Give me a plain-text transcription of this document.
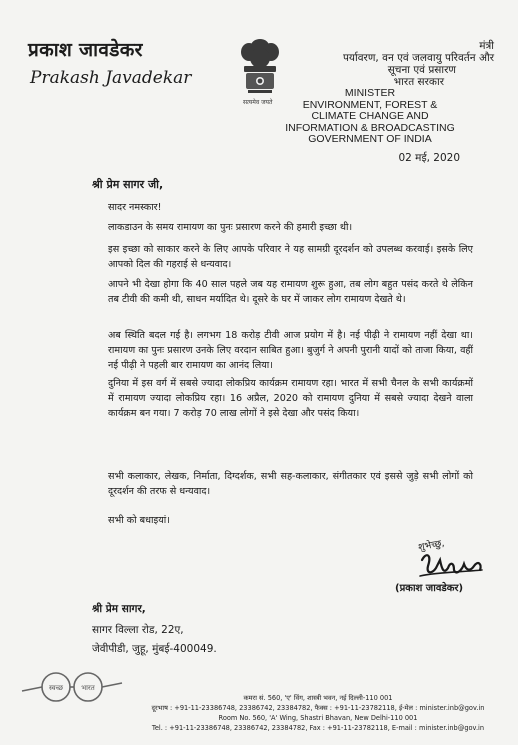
प्रकाश जावडेकर
Prakash Javadekar
सत्यमेव जयते
मंत्री
पर्यावरण, वन एवं जलवायु परिवर्तन और
सूचना एवं प्रसारण
भारत सरकार
MINISTER
ENVIRONMENT, FOREST &
CLIMATE CHANGE AND
INFORMATION & BROADCASTING
GOVERNMENT OF INDIA
02 मई, 2020
श्री प्रेम सागर जी,
सादर नमस्कार!
लाकडाउन के समय रामायण का पुनः प्रसारण करने की हमारी इच्छा थी।
इस इच्छा को साकार करने के लिए आपके परिवार ने यह सामग्री दूरदर्शन को उपलब्ध करवाई। इसके लिए आपको दिल की गहराई से धन्यवाद।
आपने भी देखा होगा कि 40 साल पहले जब यह रामायण शुरू हुआ, तब लोग बहुत पसंद करते थे लेकिन तब टीवी की कमी थी, साधन मर्यादित थे। दूसरे के घर में जाकर लोग रामायण देखते थे।
अब स्थिति बदल गई है। लगभग 18 करोड़ टीवी आज प्रयोग में है। नई पीढ़ी ने रामायण नहीं देखा था। रामायण का पुनः प्रसारण उनके लिए वरदान साबित हुआ। बुजुर्ग ने अपनी पुरानी यादों को ताजा किया, वहीं नई पीढ़ी ने पहली बार रामायण का आनंद लिया।
दुनिया में इस वर्ग में सबसे ज्यादा लोकप्रिय कार्यक्रम रामायण रहा। भारत में सभी चैनल के सभी कार्यक्रमों में रामायण ज्यादा लोकप्रिय रहा। 16 अप्रैल, 2020 को रामायण दुनिया में सबसे ज्यादा देखने वाला कार्यक्रम बन गया। 7 करोड़ 70 लाख लोगों ने इसे देखा और पसंद किया।
सभी कलाकार, लेखक, निर्माता, दिग्दर्शक, सभी सह-कलाकार, संगीतकार एवं इससे जुड़े सभी लोगों को दूरदर्शन की तरफ से धन्यवाद।
सभी को बधाइयां।
शुभेच्छु,
(प्रकाश जावडेकर)
श्री प्रेम सागर,
सागर विल्ला रोड, 22ए,
जेवीपीडी, जुहू, मुंबई-400049.
स्वच्छ	भारत
कमरा सं. 560, 'ए' विंग, शास्त्री भवन, नई दिल्ली-110 001
दूरभाष : +91-11-23386748, 23386742, 23384782, फैक्स : +91-11-23782118, ई-मेल : minister.inb@gov.in
Room No. 560, 'A' Wing, Shastri Bhavan, New Delhi-110 001
Tel. : +91-11-23386748, 23386742, 23384782, Fax : +91-11-23782118, E-mail : minister.inb@gov.in
